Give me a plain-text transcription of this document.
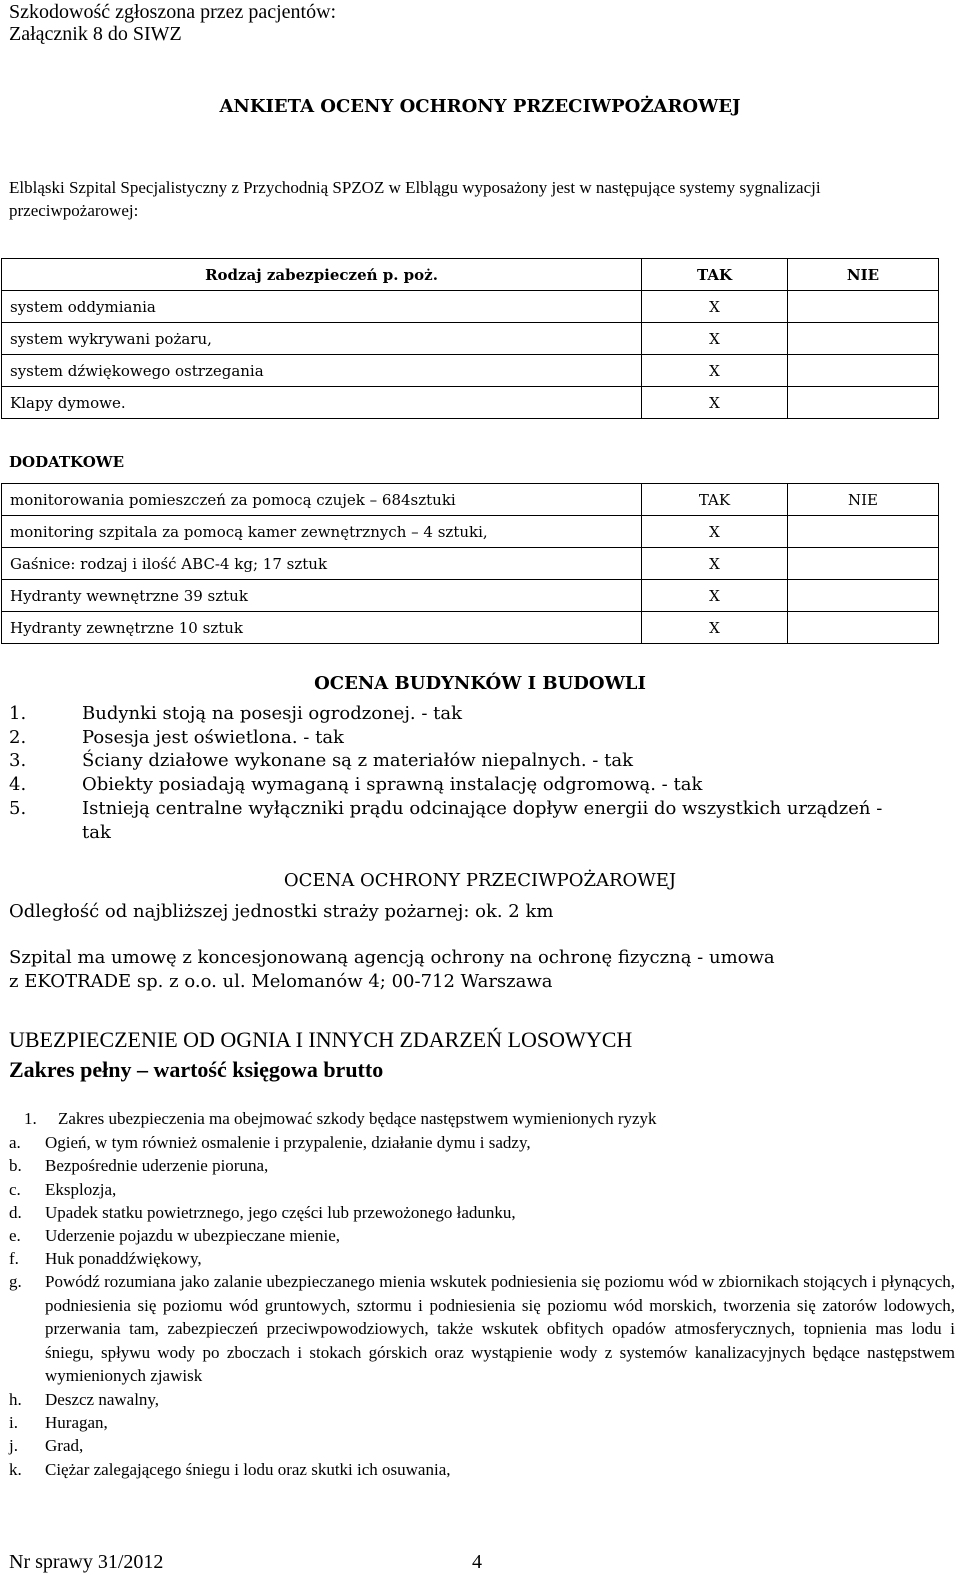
Szkodowość zgłoszona przez pacjentów:
Załącznik 8 do SIWZ
ANKIETA OCENY OCHRONY PRZECIWPOŻAROWEJ
Elbląski Szpital Specjalistyczny z Przychodnią SPZOZ w Elblągu wyposażony jest w następujące systemy sygnalizacji przeciwpożarowej:
Rodzaj zabezpieczeń p. poż.	TAK	NIE
system oddymiania	X	
system wykrywani pożaru,	X	
system dźwiękowego ostrzegania	X	
Klapy dymowe.	X	
DODATKOWE
monitorowania pomieszczeń za pomocą czujek – 684sztuki	TAK	NIE
monitoring szpitala za pomocą kamer zewnętrznych – 4 sztuki,	X	
Gaśnice: rodzaj i ilość ABC-4 kg; 17 sztuk	X	
Hydranty wewnętrzne 39 sztuk	X	
Hydranty zewnętrzne 10 sztuk	X	
OCENA BUDYNKÓW I BUDOWLI
1.	Budynki stoją na posesji ogrodzonej. - tak
2.	Posesja jest oświetlona. - tak
3.	Ściany działowe wykonane są z materiałów niepalnych. - tak
4.	Obiekty posiadają wymaganą i sprawną instalację odgromową. - tak
5.	Istnieją centralne wyłączniki prądu odcinające dopływ energii do wszystkich urządzeń -
tak
OCENA OCHRONY PRZECIWPOŻAROWEJ
Odległość od najbliższej jednostki straży pożarnej: ok. 2 km
Szpital ma umowę z koncesjonowaną agencją ochrony na ochronę fizyczną - umowa
z EKOTRADE sp. z o.o. ul. Melomanów 4; 00-712 Warszawa
UBEZPIECZENIE OD OGNIA I INNYCH ZDARZEŃ LOSOWYCH
Zakres pełny – wartość księgowa brutto
1. Zakres ubezpieczenia ma obejmować szkody będące następstwem wymienionych ryzyk
a. Ogień, w tym również osmalenie i przypalenie, działanie dymu i sadzy,
b. Bezpośrednie uderzenie pioruna,
c. Eksplozja,
d. Upadek statku powietrznego, jego części lub przewożonego ładunku,
e. Uderzenie pojazdu w ubezpieczane mienie,
f. Huk ponaddźwiękowy,
g. Powódź rozumiana jako zalanie ubezpieczanego mienia wskutek podniesienia się poziomu wód w zbiornikach stojących i płynących, podniesienia się poziomu wód gruntowych, sztormu i podniesienia się poziomu wód morskich, tworzenia się zatorów lodowych, przerwania tam, zabezpieczeń przeciwpowodziowych, także wskutek obfitych opadów atmosferycznych, topnienia mas lodu i śniegu, spływu wody po zboczach i stokach górskich oraz wystąpienie wody z systemów kanalizacyjnych będące następstwem wymienionych zjawisk
h. Deszcz nawalny,
i. Huragan,
j. Grad,
k. Ciężar zalegającego śniegu i lodu oraz skutki ich osuwania,
Nr sprawy 31/2012	4
